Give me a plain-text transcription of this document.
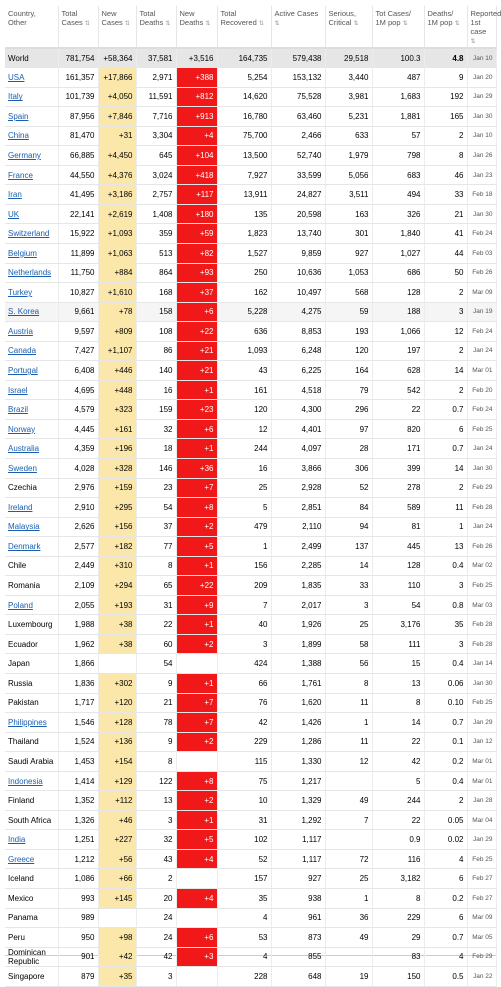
Country, Other	Total Cases ⇅	New Cases ⇅	Total Deaths ⇅	New Deaths ⇅	Total Recovered ⇅	Active Cases ⇅	Serious, Critical ⇅	Tot Cases/ 1M pop ⇅	Deaths/ 1M pop ⇅	Reported 1st case ⇅
World	781,754	+58,364	37,581	+3,516	164,735	579,438	29,518	100.3	4.8	Jan 10
USA	161,357	+17,866	2,971	+388	5,254	153,132	3,440	487	9	Jan 20
Italy	101,739	+4,050	11,591	+812	14,620	75,528	3,981	1,683	192	Jan 29
Spain	87,956	+7,846	7,716	+913	16,780	63,460	5,231	1,881	165	Jan 30
China	81,470	+31	3,304	+4	75,700	2,466	633	57	2	Jan 10
Germany	66,885	+4,450	645	+104	13,500	52,740	1,979	798	8	Jan 26
France	44,550	+4,376	3,024	+418	7,927	33,599	5,056	683	46	Jan 23
Iran	41,495	+3,186	2,757	+117	13,911	24,827	3,511	494	33	Feb 18
UK	22,141	+2,619	1,408	+180	135	20,598	163	326	21	Jan 30
Switzerland	15,922	+1,093	359	+59	1,823	13,740	301	1,840	41	Feb 24
Belgium	11,899	+1,063	513	+82	1,527	9,859	927	1,027	44	Feb 03
Netherlands	11,750	+884	864	+93	250	10,636	1,053	686	50	Feb 26
Turkey	10,827	+1,610	168	+37	162	10,497	568	128	2	Mar 09
S. Korea	9,661	+78	158	+6	5,228	4,275	59	188	3	Jan 19
Austria	9,597	+809	108	+22	636	8,853	193	1,066	12	Feb 24
Canada	7,427	+1,107	86	+21	1,093	6,248	120	197	2	Jan 24
Portugal	6,408	+446	140	+21	43	6,225	164	628	14	Mar 01
Israel	4,695	+448	16	+1	161	4,518	79	542	2	Feb 20
Brazil	4,579	+323	159	+23	120	4,300	296	22	0.7	Feb 24
Norway	4,445	+161	32	+6	12	4,401	97	820	6	Feb 25
Australia	4,359	+196	18	+1	244	4,097	28	171	0.7	Jan 24
Sweden	4,028	+328	146	+36	16	3,866	306	399	14	Jan 30
Czechia	2,976	+159	23	+7	25	2,928	52	278	2	Feb 29
Ireland	2,910	+295	54	+8	5	2,851	84	589	11	Feb 28
Malaysia	2,626	+156	37	+2	479	2,110	94	81	1	Jan 24
Denmark	2,577	+182	77	+5	1	2,499	137	445	13	Feb 26
Chile	2,449	+310	8	+1	156	2,285	14	128	0.4	Mar 02
Romania	2,109	+294	65	+22	209	1,835	33	110	3	Feb 25
Poland	2,055	+193	31	+9	7	2,017	3	54	0.8	Mar 03
Luxembourg	1,988	+38	22	+1	40	1,926	25	3,176	35	Feb 28
Ecuador	1,962	+38	60	+2	3	1,899	58	111	3	Feb 28
Japan	1,866		54		424	1,388	56	15	0.4	Jan 14
Russia	1,836	+302	9	+1	66	1,761	8	13	0.06	Jan 30
Pakistan	1,717	+120	21	+7	76	1,620	11	8	0.10	Feb 25
Philippines	1,546	+128	78	+7	42	1,426	1	14	0.7	Jan 29
Thailand	1,524	+136	9	+2	229	1,286	11	22	0.1	Jan 12
Saudi Arabia	1,453	+154	8		115	1,330	12	42	0.2	Mar 01
Indonesia	1,414	+129	122	+8	75	1,217		5	0.4	Mar 01
Finland	1,352	+112	13	+2	10	1,329	49	244	2	Jan 28
South Africa	1,326	+46	3	+1	31	1,292	7	22	0.05	Mar 04
India	1,251	+227	32	+5	102	1,117		0.9	0.02	Jan 29
Greece	1,212	+56	43	+4	52	1,117	72	116	4	Feb 25
Iceland	1,086	+66	2		157	927	25	3,182	6	Feb 27
Mexico	993	+145	20	+4	35	938	1	8	0.2	Feb 27
Panama	989		24		4	961	36	229	6	Mar 09
Peru	950	+98	24	+6	53	873	49	29	0.7	Mar 05
Dominican Republic	901	+42	42	+3	4	855		83	4	Feb 29
Singapore	879	+35	3		228	648	19	150	0.5	Jan 22
